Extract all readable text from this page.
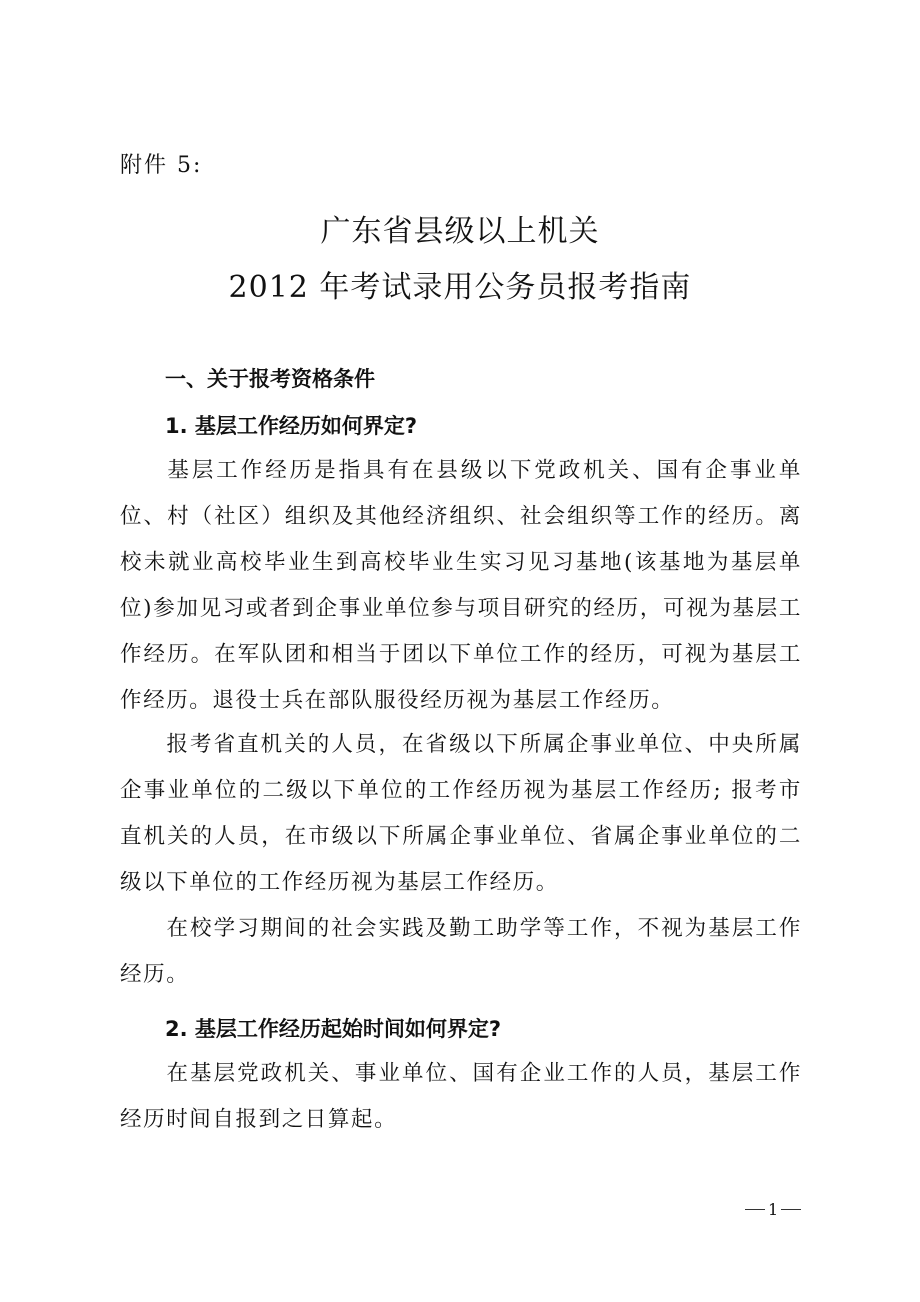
附件 5:
广东省县级以上机关
2012 年考试录用公务员报考指南
一、关于报考资格条件
1. 基层工作经历如何界定?
基层工作经历是指具有在县级以下党政机关、国有企事业单位、村（社区）组织及其他经济组织、社会组织等工作的经历。离校未就业高校毕业生到高校毕业生实习见习基地(该基地为基层单位)参加见习或者到企事业单位参与项目研究的经历，可视为基层工作经历。在军队团和相当于团以下单位工作的经历，可视为基层工作经历。退役士兵在部队服役经历视为基层工作经历。
报考省直机关的人员，在省级以下所属企事业单位、中央所属企事业单位的二级以下单位的工作经历视为基层工作经历; 报考市直机关的人员，在市级以下所属企事业单位、省属企事业单位的二级以下单位的工作经历视为基层工作经历。
在校学习期间的社会实践及勤工助学等工作，不视为基层工作经历。
2. 基层工作经历起始时间如何界定?
在基层党政机关、事业单位、国有企业工作的人员，基层工作经历时间自报到之日算起。
1
